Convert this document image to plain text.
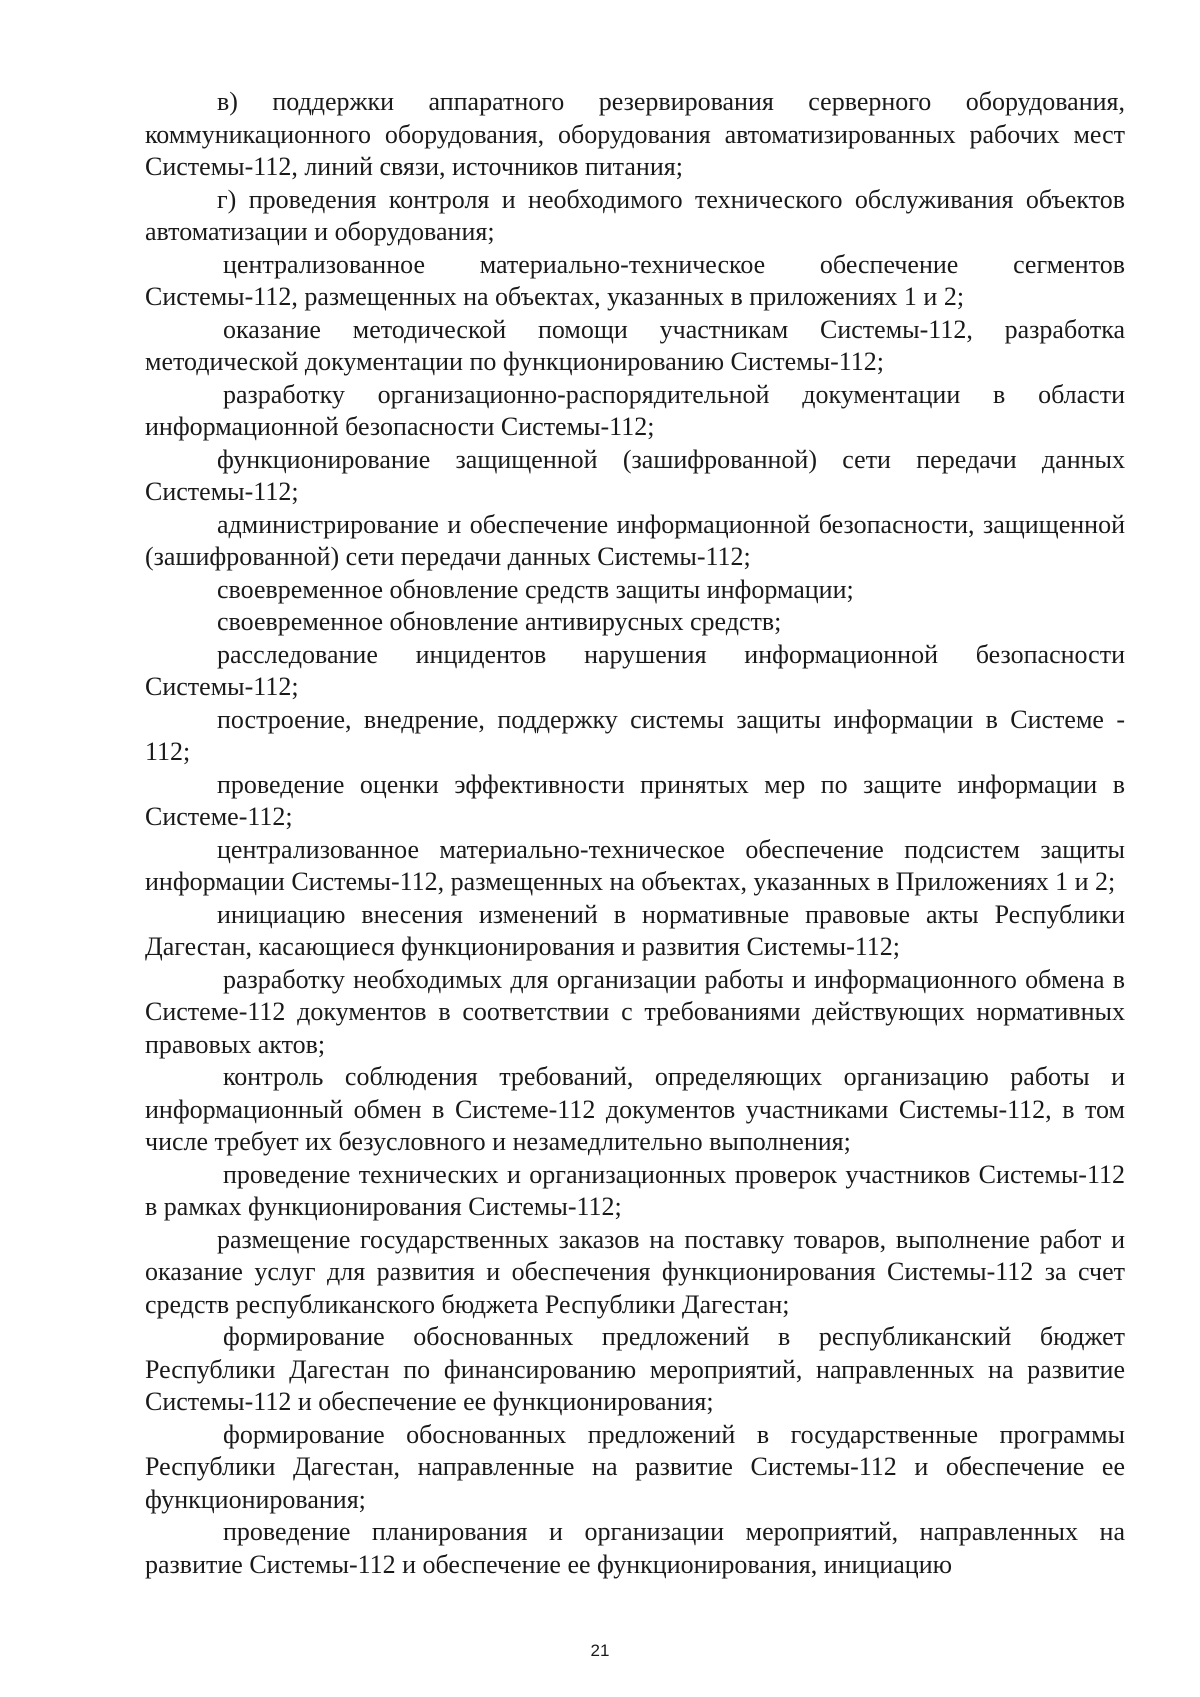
в) поддержки аппаратного резервирования серверного оборудования, коммуникационного оборудования, оборудования автоматизированных рабочих мест Системы-112, линий связи, источников питания;

г) проведения контроля и необходимого технического обслуживания объектов автоматизации и оборудования;

централизованное материально-техническое обеспечение сегментов Системы-112, размещенных на объектах, указанных в приложениях 1 и 2;

оказание методической помощи участникам Системы-112, разработка методической документации по функционированию Системы-112;

разработку организационно-распорядительной документации в области информационной безопасности Системы-112;

функционирование защищенной (зашифрованной) сети передачи данных Системы-112;

администрирование и обеспечение информационной безопасности, защищенной (зашифрованной) сети передачи данных Системы-112;

своевременное обновление средств защиты информации;

своевременное обновление антивирусных средств;

расследование инцидентов нарушения информационной безопасности Системы-112;

построение, внедрение, поддержку системы защиты информации в Системе - 112;

проведение оценки эффективности принятых мер по защите информации в Системе-112;

централизованное материально-техническое обеспечение подсистем защиты информации Системы-112, размещенных на объектах, указанных в Приложениях 1 и 2;

инициацию внесения изменений в нормативные правовые акты Республики Дагестан, касающиеся функционирования и развития Системы-112;

разработку необходимых для организации работы и информационного обмена в Системе-112 документов в соответствии с требованиями действующих нормативных правовых актов;

контроль соблюдения требований, определяющих организацию работы и информационный обмен в Системе-112 документов участниками Системы-112, в том числе требует их безусловного и незамедлительно выполнения;

проведение технических и организационных проверок участников Системы-112 в рамках функционирования Системы-112;

размещение государственных заказов на поставку товаров, выполнение работ и оказание услуг для развития и обеспечения функционирования Системы-112 за счет средств республиканского бюджета Республики Дагестан;

формирование обоснованных предложений в республиканский бюджет Республики Дагестан по финансированию мероприятий, направленных на развитие Системы-112 и обеспечение ее функционирования;

формирование обоснованных предложений в государственные программы Республики Дагестан, направленные на развитие Системы-112 и обеспечение ее функционирования;

проведение планирования и организации мероприятий, направленных на развитие Системы-112 и обеспечение ее функционирования, инициацию

21
